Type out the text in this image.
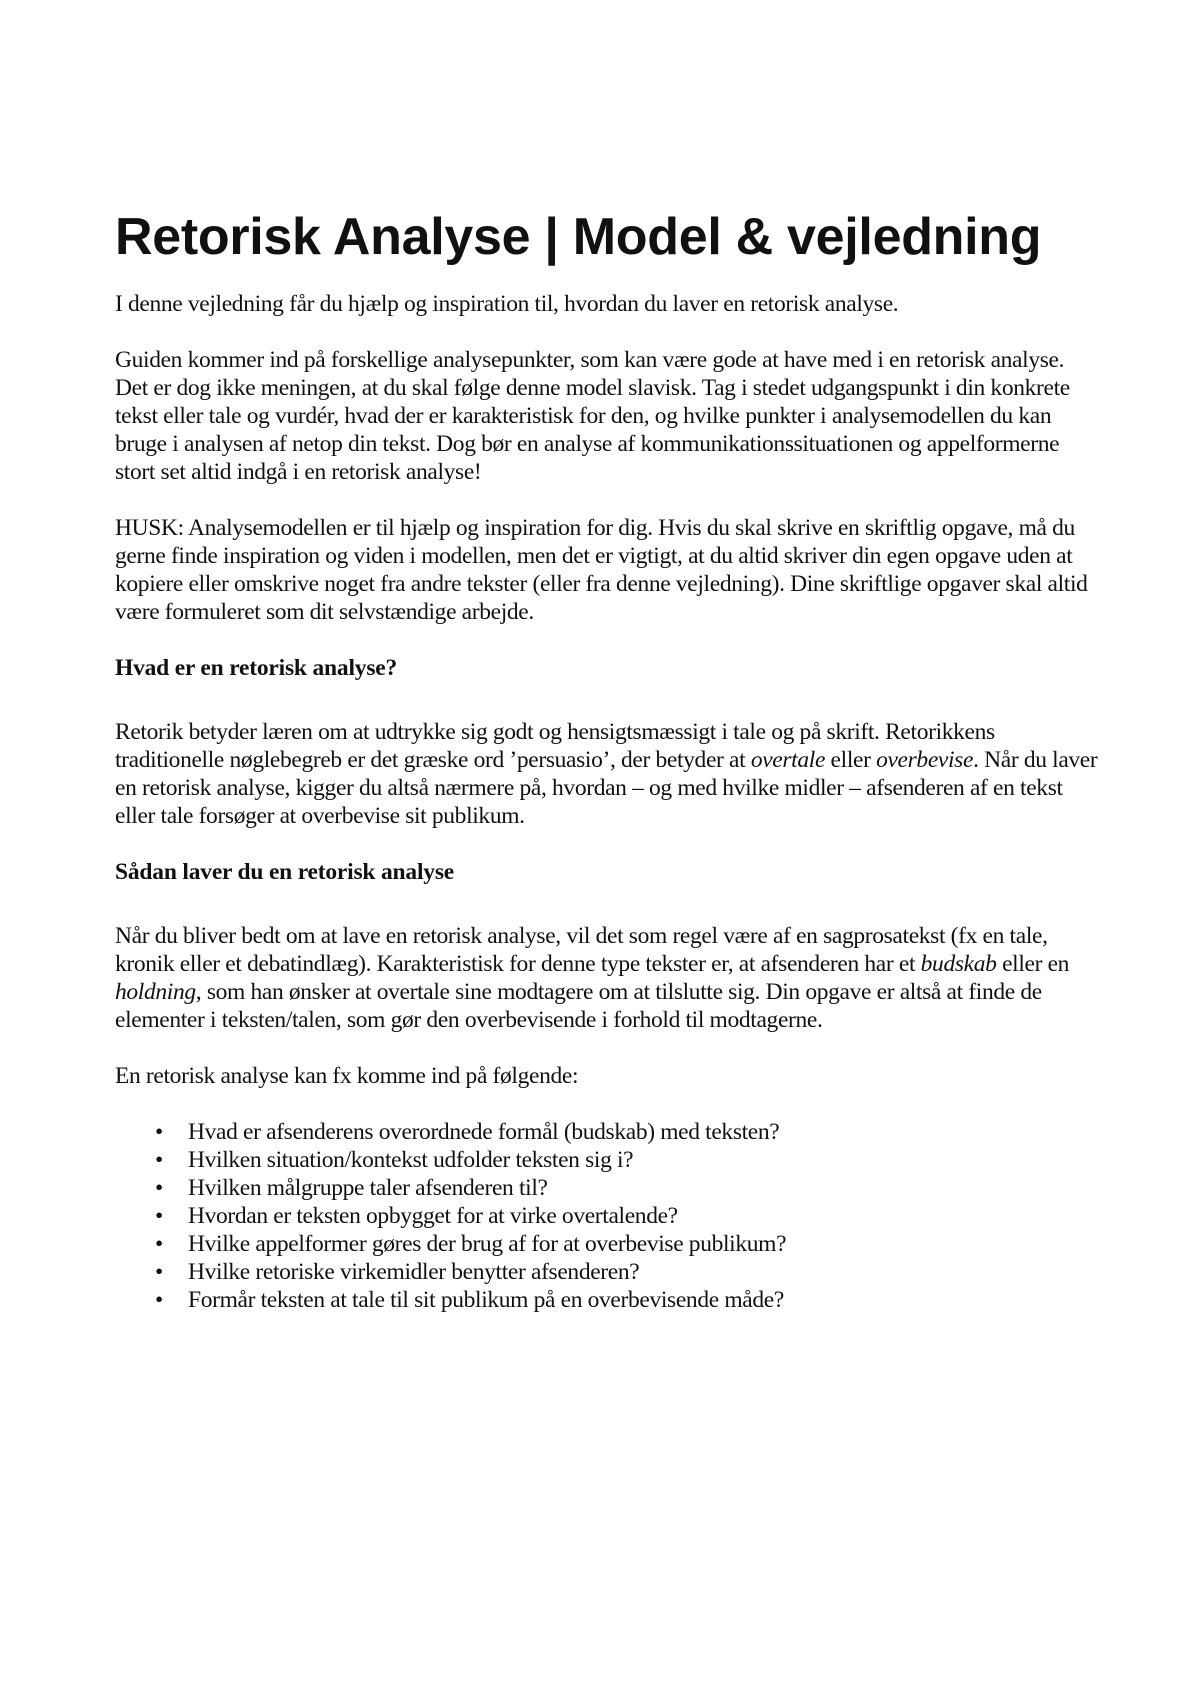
Retorisk Analyse | Model & vejledning

I denne vejledning får du hjælp og inspiration til, hvordan du laver en retorisk analyse.

Guiden kommer ind på forskellige analysepunkter, som kan være gode at have med i en retorisk analyse. Det er dog ikke meningen, at du skal følge denne model slavisk. Tag i stedet udgangspunkt i din konkrete tekst eller tale og vurdér, hvad der er karakteristisk for den, og hvilke punkter i analysemodellen du kan bruge i analysen af netop din tekst. Dog bør en analyse af kommunikationssituationen og appelformerne stort set altid indgå i en retorisk analyse!

HUSK: Analysemodellen er til hjælp og inspiration for dig. Hvis du skal skrive en skriftlig opgave, må du gerne finde inspiration og viden i modellen, men det er vigtigt, at du altid skriver din egen opgave uden at kopiere eller omskrive noget fra andre tekster (eller fra denne vejledning). Dine skriftlige opgaver skal altid være formuleret som dit selvstændige arbejde.

Hvad er en retorisk analyse?

Retorik betyder læren om at udtrykke sig godt og hensigtsmæssigt i tale og på skrift. Retorikkens traditionelle nøglebegreb er det græske ord ’persuasio’, der betyder at overtale eller overbevise. Når du laver en retorisk analyse, kigger du altså nærmere på, hvordan – og med hvilke midler – afsenderen af en tekst eller tale forsøger at overbevise sit publikum.

Sådan laver du en retorisk analyse

Når du bliver bedt om at lave en retorisk analyse, vil det som regel være af en sagprosatekst (fx en tale, kronik eller et debatindlæg). Karakteristisk for denne type tekster er, at afsenderen har et budskab eller en holdning, som han ønsker at overtale sine modtagere om at tilslutte sig. Din opgave er altså at finde de elementer i teksten/talen, som gør den overbevisende i forhold til modtagerne.

En retorisk analyse kan fx komme ind på følgende:

• Hvad er afsenderens overordnede formål (budskab) med teksten?
• Hvilken situation/kontekst udfolder teksten sig i?
• Hvilken målgruppe taler afsenderen til?
• Hvordan er teksten opbygget for at virke overtalende?
• Hvilke appelformer gøres der brug af for at overbevise publikum?
• Hvilke retoriske virkemidler benytter afsenderen?
• Formår teksten at tale til sit publikum på en overbevisende måde?
